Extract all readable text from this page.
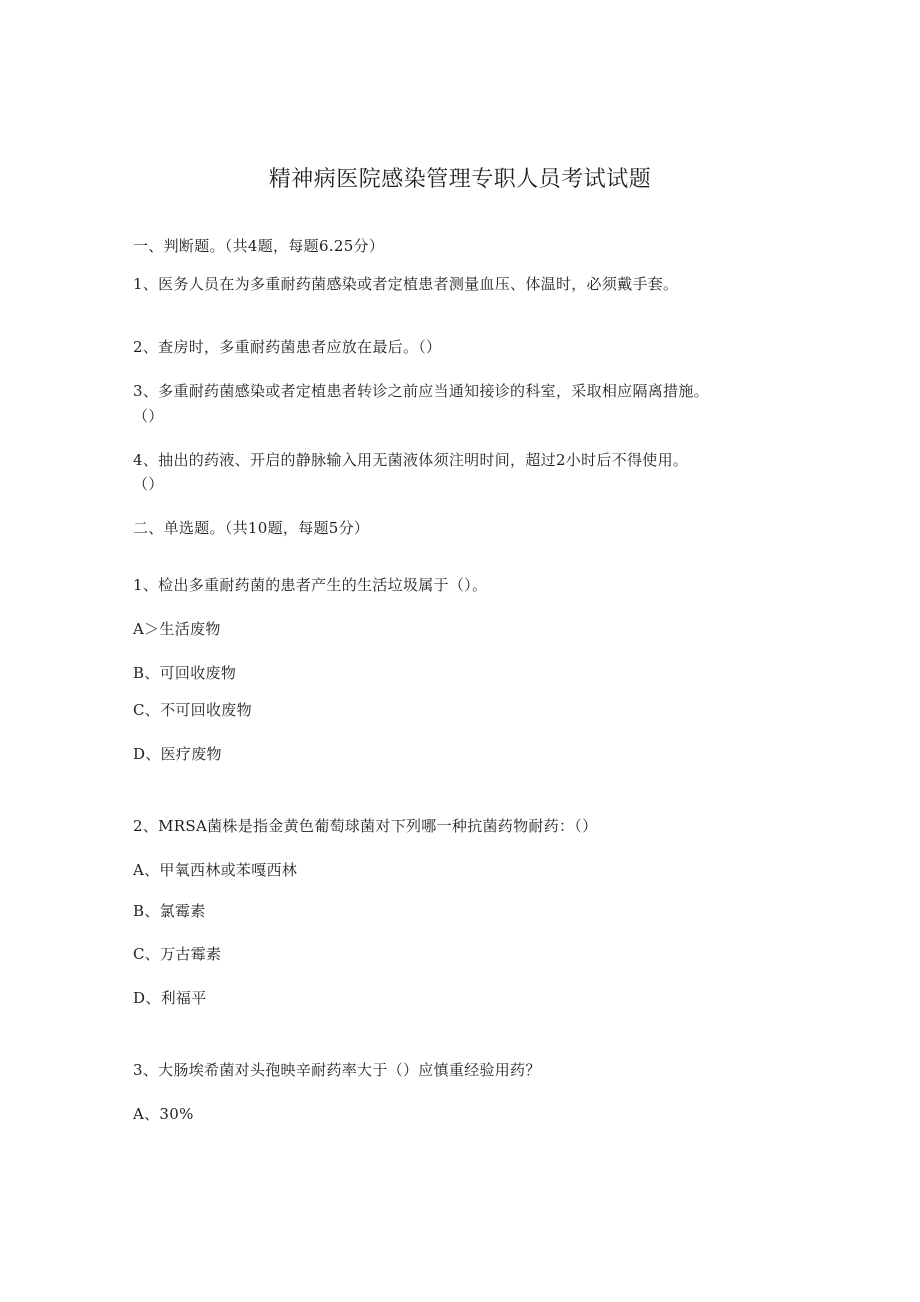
精神病医院感染管理专职人员考试试题
一、判断题。（共4题，每题6.25分）
1、医务人员在为多重耐药菌感染或者定植患者测量血压、体温时，必须戴手套。
2、查房时，多重耐药菌患者应放在最后。（）
3、多重耐药菌感染或者定植患者转诊之前应当通知接诊的科室，采取相应隔离措施。
（）
4、抽出的药液、开启的静脉输入用无菌液体须注明时间，超过2小时后不得使用。
（）
二、单选题。（共10题，每题5分）
1、检出多重耐药菌的患者产生的生活垃圾属于（）。
A＞生活废物
B、可回收废物
C、不可回收废物
D、医疗废物
2、MRSA菌株是指金黄色葡萄球菌对下列哪一种抗菌药物耐药：（）
A、甲氧西林或苯嘎西林
B、氯霉素
C、万古霉素
D、利福平
3、大肠埃希菌对头孢映辛耐药率大于（）应慎重经验用药？
A、30%
